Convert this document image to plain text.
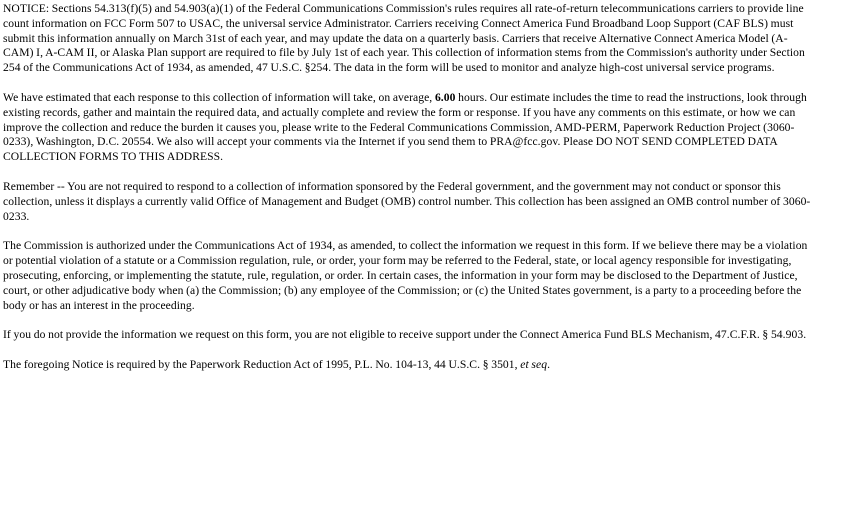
NOTICE: Sections 54.313(f)(5) and 54.903(a)(1) of the Federal Communications Commission's rules requires all rate-of-return telecommunications carriers to provide line count information on FCC Form 507 to USAC, the universal service Administrator. Carriers receiving Connect America Fund Broadband Loop Support (CAF BLS) must submit this information annually on March 31st of each year, and may update the data on a quarterly basis. Carriers that receive Alternative Connect America Model (A-CAM) I, A-CAM II, or Alaska Plan support are required to file by July 1st of each year. This collection of information stems from the Commission's authority under Section 254 of the Communications Act of 1934, as amended, 47 U.S.C. §254. The data in the form will be used to monitor and analyze high-cost universal service programs.

We have estimated that each response to this collection of information will take, on average, 6.00 hours. Our estimate includes the time to read the instructions, look through existing records, gather and maintain the required data, and actually complete and review the form or response. If you have any comments on this estimate, or how we can improve the collection and reduce the burden it causes you, please write to the Federal Communications Commission, AMD-PERM, Paperwork Reduction Project (3060-0233), Washington, D.C. 20554. We also will accept your comments via the Internet if you send them to PRA@fcc.gov. Please DO NOT SEND COMPLETED DATA COLLECTION FORMS TO THIS ADDRESS.

Remember -- You are not required to respond to a collection of information sponsored by the Federal government, and the government may not conduct or sponsor this collection, unless it displays a currently valid Office of Management and Budget (OMB) control number. This collection has been assigned an OMB control number of 3060-0233.

The Commission is authorized under the Communications Act of 1934, as amended, to collect the information we request in this form. If we believe there may be a violation or potential violation of a statute or a Commission regulation, rule, or order, your form may be referred to the Federal, state, or local agency responsible for investigating, prosecuting, enforcing, or implementing the statute, rule, regulation, or order. In certain cases, the information in your form may be disclosed to the Department of Justice, court, or other adjudicative body when (a) the Commission; (b) any employee of the Commission; or (c) the United States government, is a party to a proceeding before the body or has an interest in the proceeding.

If you do not provide the information we request on this form, you are not eligible to receive support under the Connect America Fund BLS Mechanism, 47.C.F.R. § 54.903.

The foregoing Notice is required by the Paperwork Reduction Act of 1995, P.L. No. 104-13, 44 U.S.C. § 3501, et seq.
